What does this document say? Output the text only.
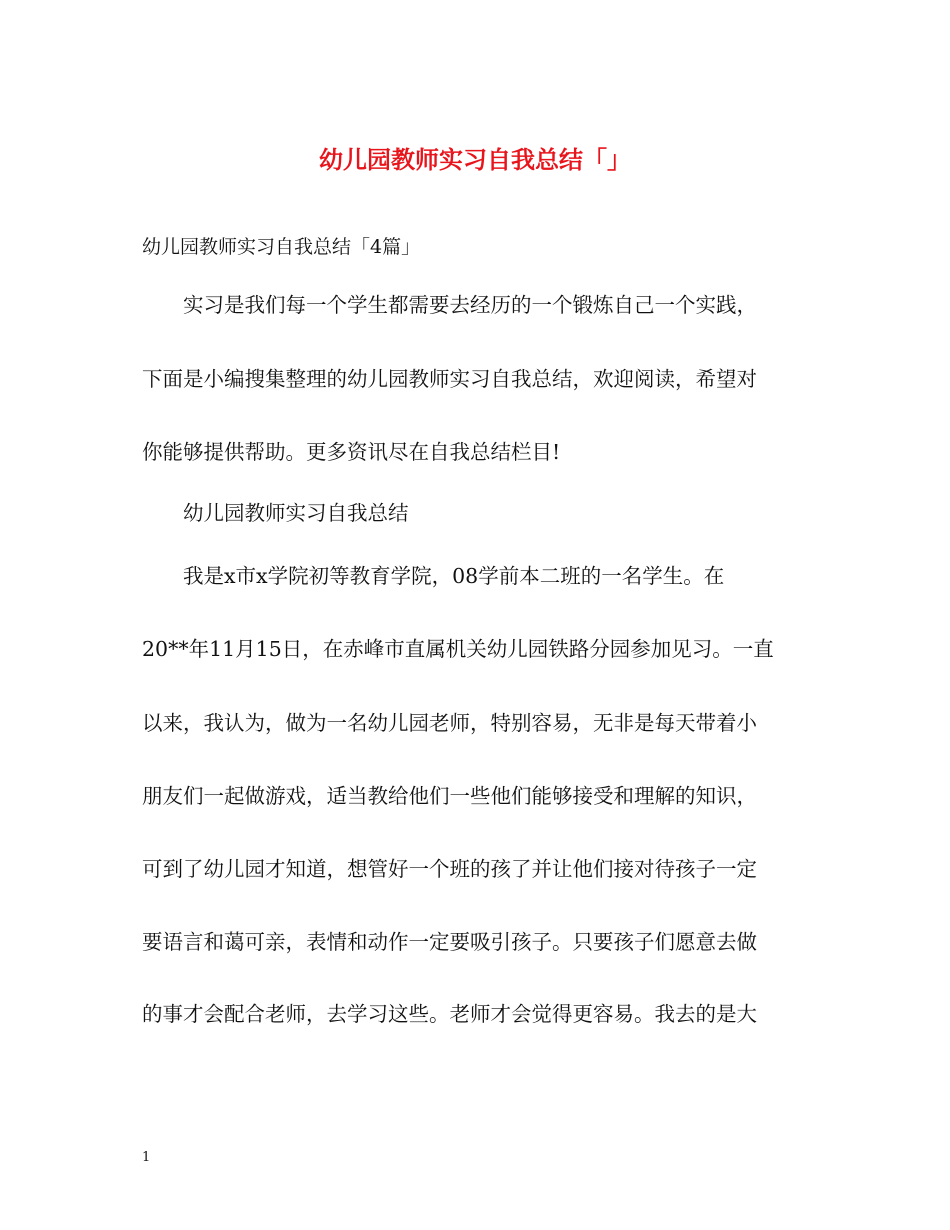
幼儿园教师实习自我总结「」
幼儿园教师实习自我总结「4篇」
实习是我们每一个学生都需要去经历的一个锻炼自己一个实践，
下面是小编搜集整理的幼儿园教师实习自我总结，欢迎阅读，希望对
你能够提供帮助。更多资讯尽在自我总结栏目!
幼儿园教师实习自我总结
我是x市x学院初等教育学院，08学前本二班的一名学生。在
20**年11月15日，在赤峰市直属机关幼儿园铁路分园参加见习。一直
以来，我认为，做为一名幼儿园老师，特别容易，无非是每天带着小
朋友们一起做游戏，适当教给他们一些他们能够接受和理解的知识，
可到了幼儿园才知道，想管好一个班的孩了并让他们接对待孩子一定
要语言和蔼可亲，表情和动作一定要吸引孩子。只要孩子们愿意去做
的事才会配合老师，去学习这些。老师才会觉得更容易。我去的是大
1
